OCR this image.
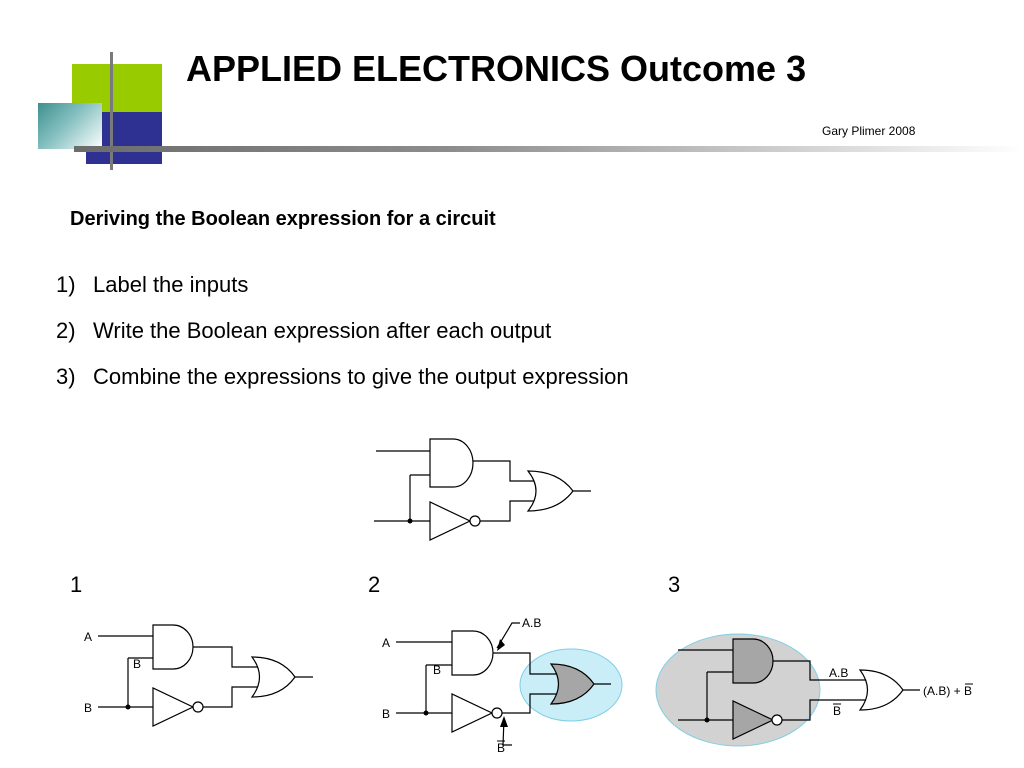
APPLIED ELECTRONICS Outcome 3
Gary Plimer 2008
Deriving the Boolean expression for a circuit
1) Label the inputs
2) Write the Boolean expression after each output
3) Combine the expressions to give the output expression
1	2	3
A
B
B
A
B
B
A.B
B
A.B
B
(A.B) + B
